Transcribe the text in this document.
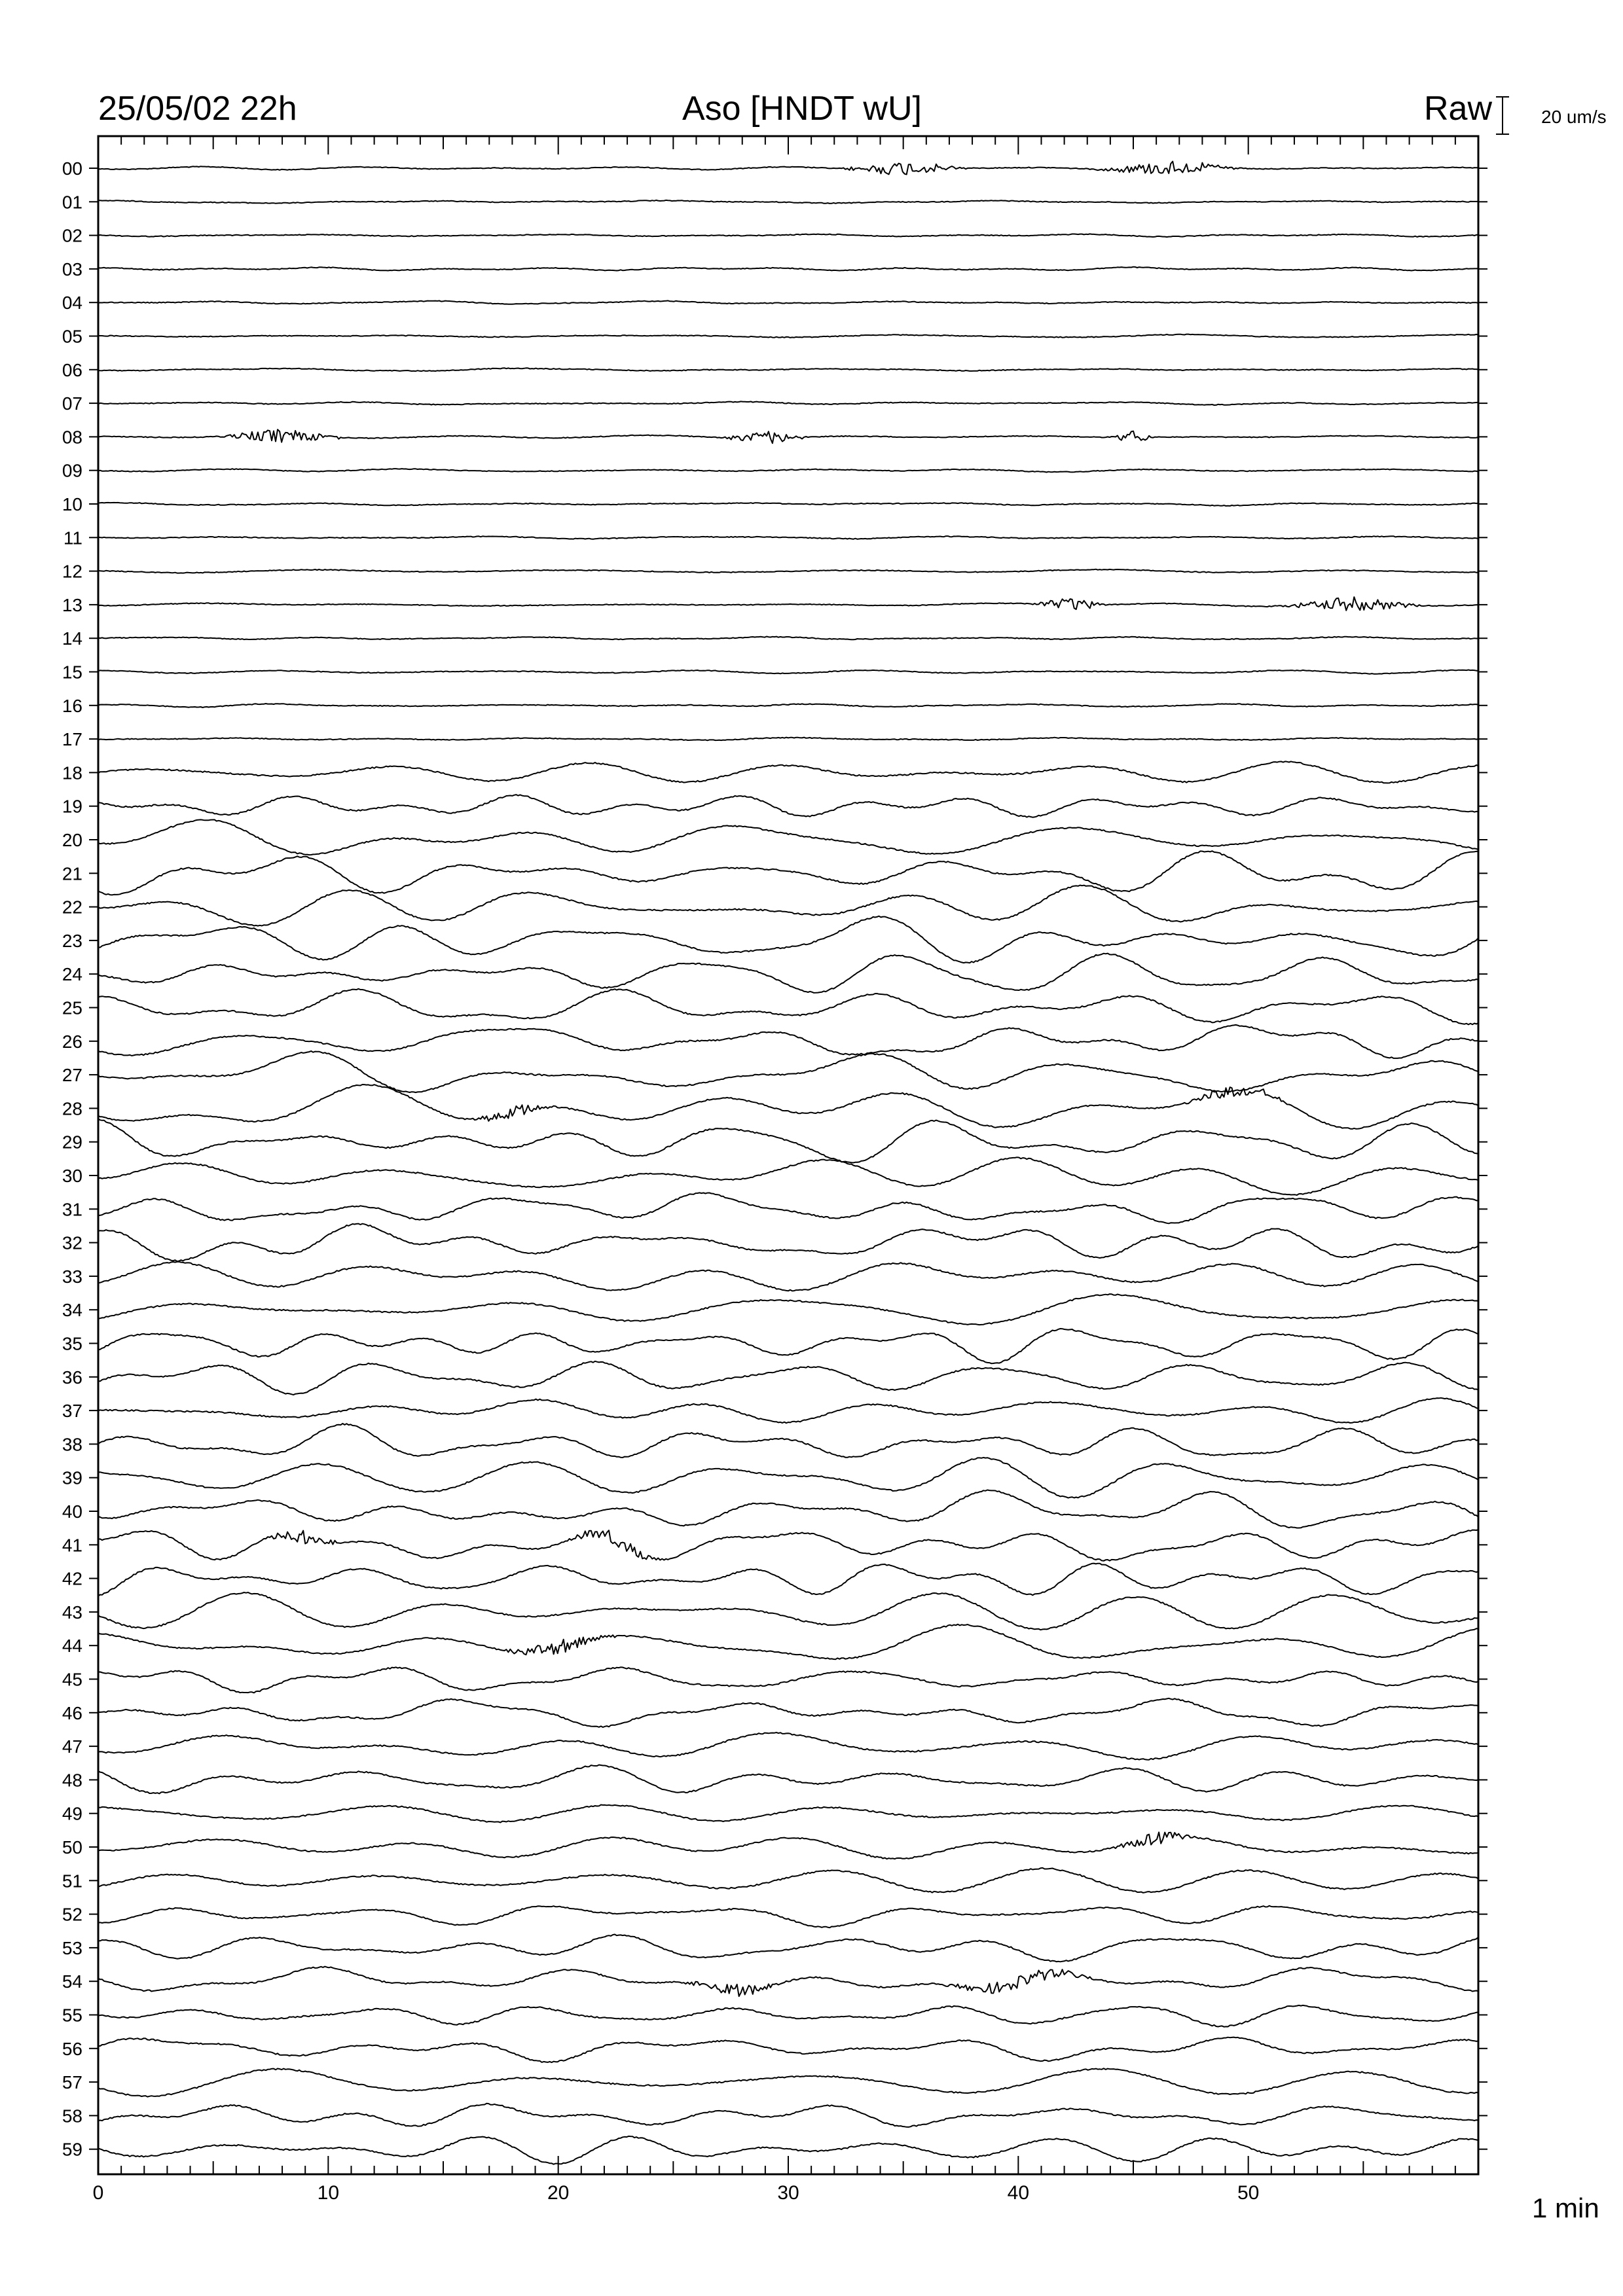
00
01
02
03
04
05
06
07
08
09
10
11
12
13
14
15
16
17
18
19
20
21
22
23
24
25
26
27
28
29
30
31
32
33
34
35
36
37
38
39
40
41
42
43
44
45
46
47
48
49
50
51
52
53
54
55
56
57
58
59
0	10	20	30	40	50
25/05/02 22h	Aso [HNDT wU]	Raw	20 um/s
1 min
